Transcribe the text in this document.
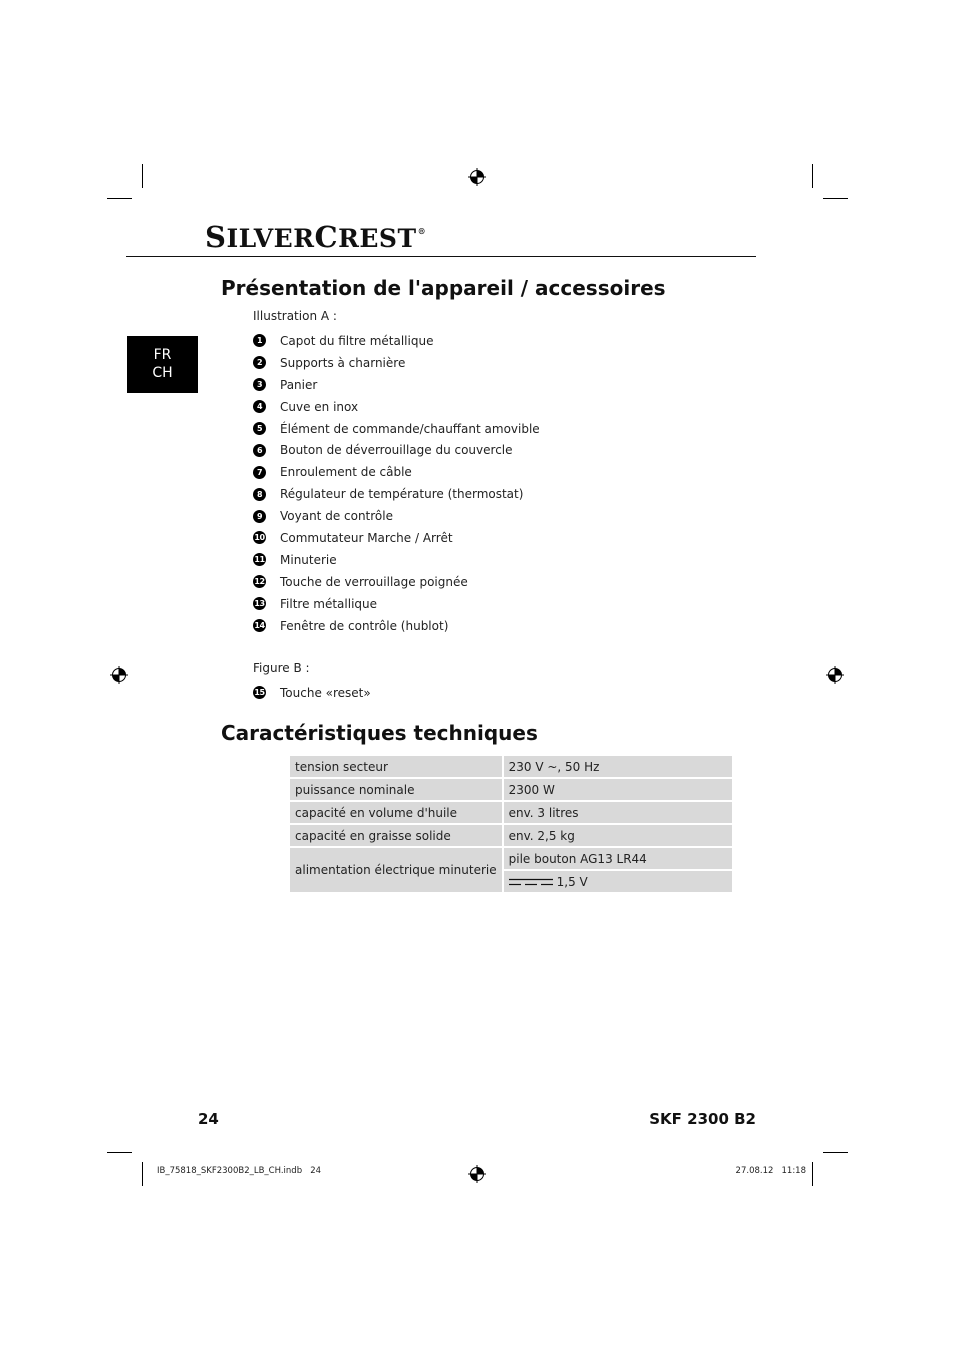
SILVERCREST®
FR
CH
Présentation de l'appareil / accessoires
Illustration A :
1	Capot du filtre métallique
2	Supports à charnière
3	Panier
4	Cuve en inox
5	Élément de commande/chauffant amovible
6	Bouton de déverrouillage du couvercle
7	Enroulement de câble
8	Régulateur de température (thermostat)
9	Voyant de contrôle
10 Commutateur Marche / Arrêt
11 Minuterie
12 Touche de verrouillage poignée
13 Filtre métallique
14 Fenêtre de contrôle (hublot)
Figure B :
15 Touche «reset»
Caractéristiques techniques
tension secteur	230 V ~, 50 Hz
puissance nominale	2300 W
capacité en volume d'huile	env. 3 litres
capacité en graisse solide	env. 2,5 kg
alimentation électrique minuterie	pile bouton AG13 LR44
	1,5 V
24	SKF 2300 B2
IB_75818_SKF2300B2_LB_CH.indb   24	27.08.12   11:18
